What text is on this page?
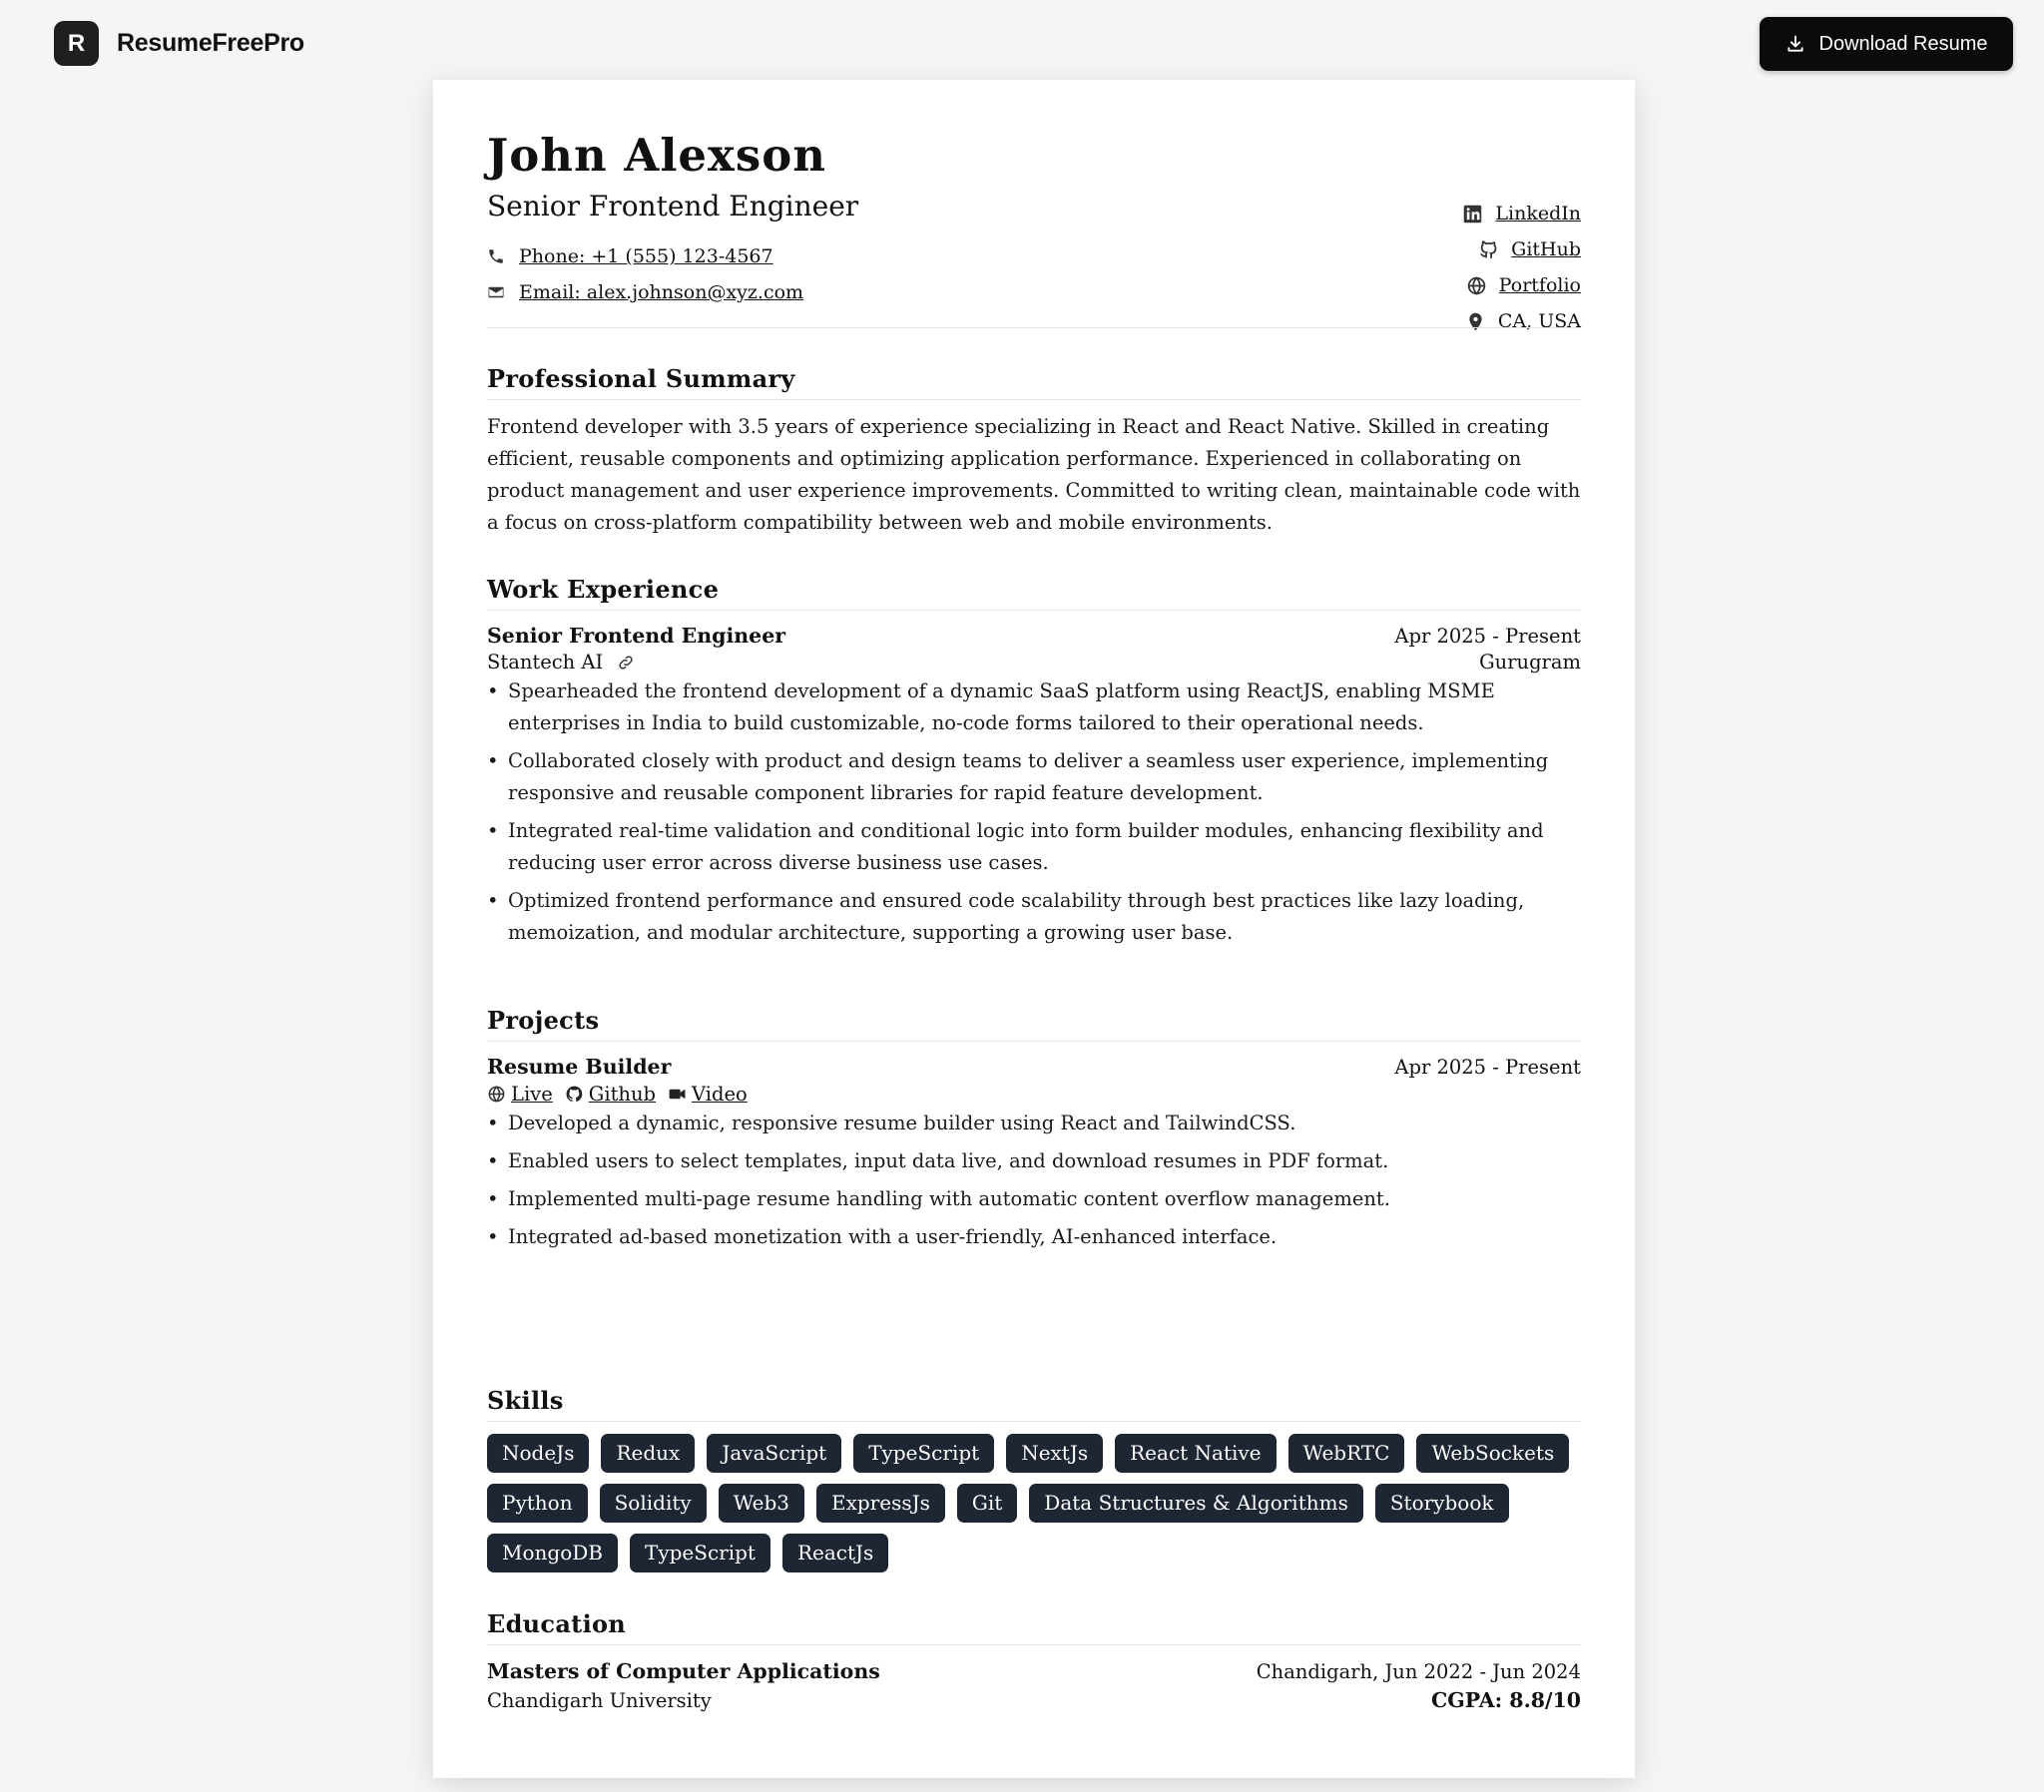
R	ResumeFreePro	Download Resume
John Alexson
Senior Frontend Engineer
Phone: +1 (555) 123-4567
Email: alex.johnson@xyz.com
LinkedIn
GitHub
Portfolio
CA, USA
Professional Summary

Frontend developer with 3.5 years of experience specializing in React and React Native. Skilled in creating efficient, reusable components and optimizing application performance. Experienced in collaborating on product management and user experience improvements. Committed to writing clean, maintainable code with a focus on cross-platform compatibility between web and mobile environments.

Work Experience
Senior Frontend Engineer	Apr 2025 - Present
Stantech AI	Gurugram
• Spearheaded the frontend development of a dynamic SaaS platform using ReactJS, enabling MSME enterprises in India to build customizable, no-code forms tailored to their operational needs.
• Collaborated closely with product and design teams to deliver a seamless user experience, implementing responsive and reusable component libraries for rapid feature development.
• Integrated real-time validation and conditional logic into form builder modules, enhancing flexibility and reducing user error across diverse business use cases.
• Optimized frontend performance and ensured code scalability through best practices like lazy loading, memoization, and modular architecture, supporting a growing user base.
Projects
Resume Builder	Apr 2025 - Present
Live Github Video
• Developed a dynamic, responsive resume builder using React and TailwindCSS.
• Enabled users to select templates, input data live, and download resumes in PDF format.
• Implemented multi-page resume handling with automatic content overflow management.
• Integrated ad-based monetization with a user-friendly, AI-enhanced interface.
Skills
NodeJs	Redux	JavaScript	TypeScript	NextJs	React Native	WebRTC	WebSockets
Python	Solidity	Web3	ExpressJs	Git	Data Structures & Algorithms	Storybook
MongoDB	TypeScript	ReactJs
Education
Masters of Computer Applications	Chandigarh, Jun 2022 - Jun 2024
Chandigarh University	CGPA: 8.8/10
